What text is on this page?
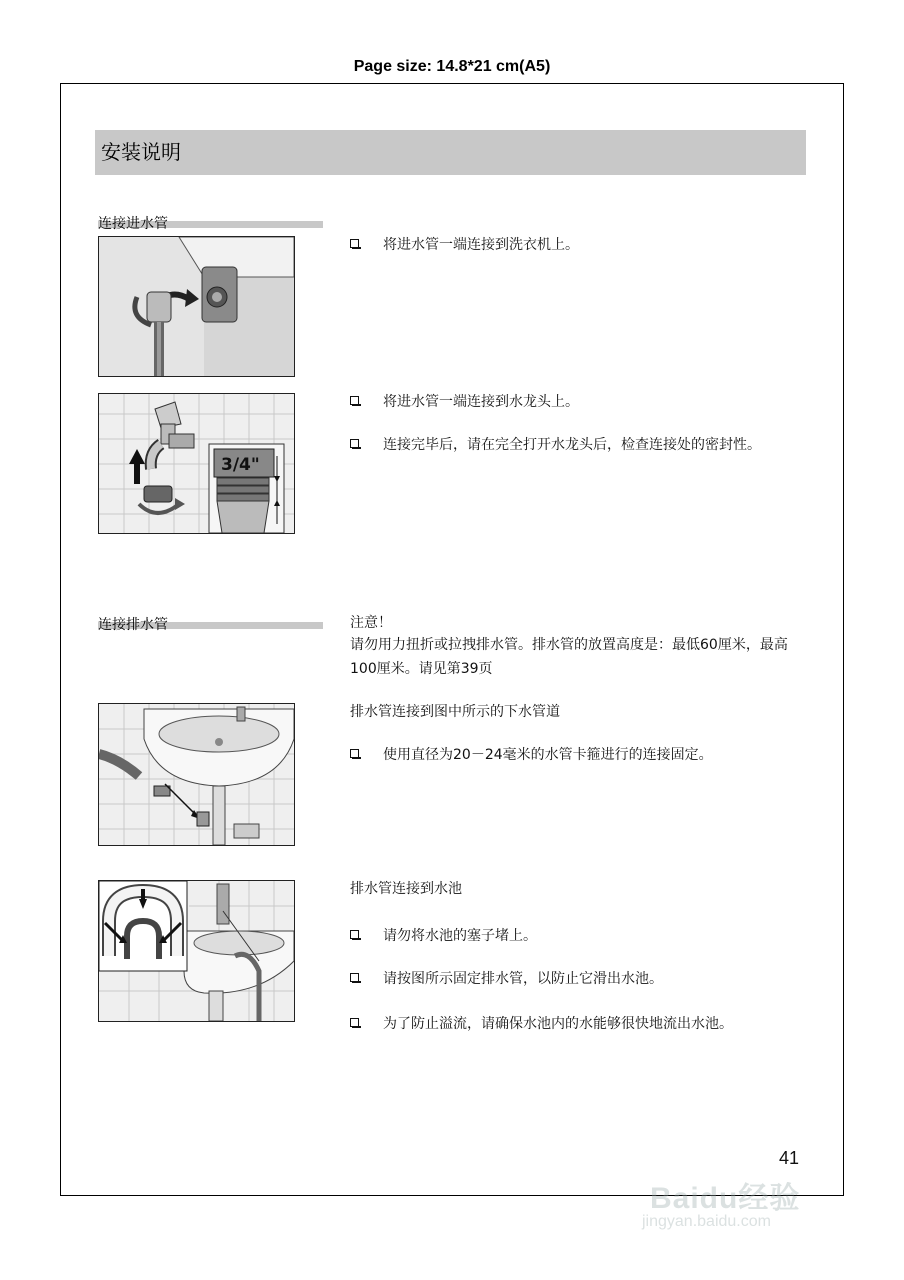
Page size: 14.8*21 cm(A5)
安装说明
连接进水管
3/4"
将进水管一端连接到洗衣机上。
将进水管一端连接到水龙头上。
连接完毕后，请在完全打开水龙头后，检查连接处的密封性。
连接排水管	注意！
请勿用力扭折或拉拽排水管。排水管的放置高度是：最低60厘米，最高100厘米。请见第39页
排水管连接到图中所示的下水管道
使用直径为20－24毫米的水管卡箍进行的连接固定。
排水管连接到水池
请勿将水池的塞子堵上。
请按图所示固定排水管，以防止它滑出水池。
为了防止溢流，请确保水池内的水能够很快地流出水池。
41
Baidu经验
jingyan.baidu.com
